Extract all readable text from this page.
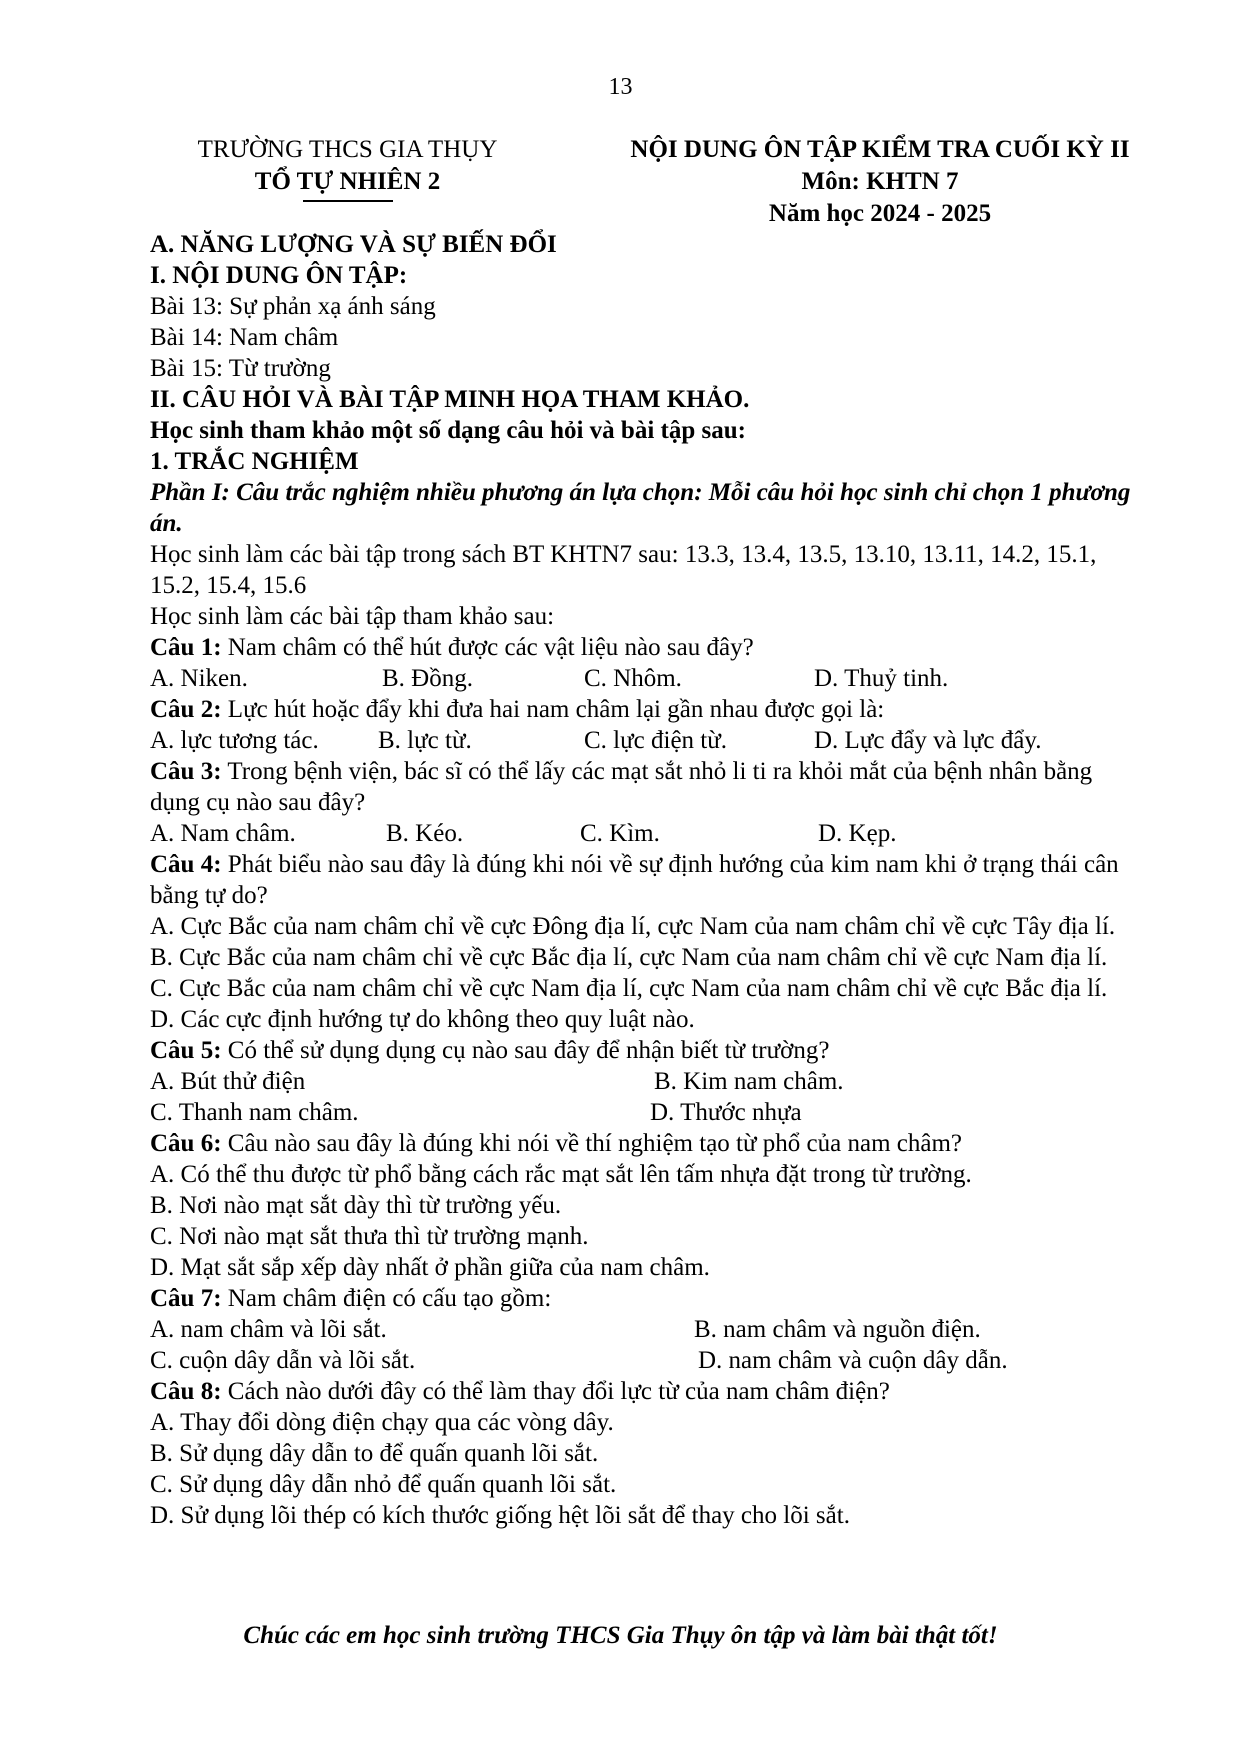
13
TRƯỜNG THCS GIA THỤY
TỔ TỰ NHIÊN 2
NỘI DUNG ÔN TẬP KIỂM TRA CUỐI KỲ II
Môn: KHTN 7
Năm học 2024 - 2025
A. NĂNG LƯỢNG VÀ SỰ BIẾN ĐỔI
I. NỘI DUNG ÔN TẬP:
Bài 13: Sự phản xạ ánh sáng
Bài 14: Nam châm
Bài 15: Từ trường
II. CÂU HỎI VÀ BÀI TẬP MINH HỌA THAM KHẢO.
Học sinh tham khảo một số dạng câu hỏi và bài tập sau:
1. TRẮC NGHIỆM
Phần I: Câu trắc nghiệm nhiều phương án lựa chọn: Mỗi câu hỏi học sinh chỉ chọn 1 phương án.
Học sinh làm các bài tập trong sách BT KHTN7 sau: 13.3, 13.4, 13.5, 13.10, 13.11, 14.2, 15.1, 15.2, 15.4, 15.6
Học sinh làm các bài tập tham khảo sau:
Câu 1: Nam châm có thể hút được các vật liệu nào sau đây?
A. Niken.	B. Đồng.	C. Nhôm.	D. Thuỷ tinh.
Câu 2: Lực hút hoặc đẩy khi đưa hai nam châm lại gần nhau được gọi là:
A. lực tương tác. B. lực từ.	C. lực điện từ.	D. Lực đẩy và lực đẩy.
Câu 3: Trong bệnh viện, bác sĩ có thể lấy các mạt sắt nhỏ li ti ra khỏi mắt của bệnh nhân bằng dụng cụ nào sau đây?
A. Nam châm.	B. Kéo.	C. Kìm.	D. Kẹp.
Câu 4: Phát biểu nào sau đây là đúng khi nói về sự định hướng của kim nam khi ở trạng thái cân bằng tự do?
A. Cực Bắc của nam châm chỉ về cực Đông địa lí, cực Nam của nam châm chỉ về cực Tây địa lí.
B. Cực Bắc của nam châm chỉ về cực Bắc địa lí, cực Nam của nam châm chỉ về cực Nam địa lí.
C. Cực Bắc của nam châm chỉ về cực Nam địa lí, cực Nam của nam châm chỉ về cực Bắc địa lí.
D. Các cực định hướng tự do không theo quy luật nào.
Câu 5: Có thể sử dụng dụng cụ nào sau đây để nhận biết từ trường?
A. Bút thử điện	B. Kim nam châm.
C. Thanh nam châm.	D. Thước nhựa
Câu 6: Câu nào sau đây là đúng khi nói về thí nghiệm tạo từ phổ của nam châm?
A. Có thể thu được từ phổ bằng cách rắc mạt sắt lên tấm nhựa đặt trong từ trường.
B. Nơi nào mạt sắt dày thì từ trường yếu.
C. Nơi nào mạt sắt thưa thì từ trường mạnh.
D. Mạt sắt sắp xếp dày nhất ở phần giữa của nam châm.
Câu 7: Nam châm điện có cấu tạo gồm:
A. nam châm và lõi sắt.	B. nam châm và nguồn điện.
C. cuộn dây dẫn và lõi sắt.	D. nam châm và cuộn dây dẫn.
Câu 8: Cách nào dưới đây có thể làm thay đổi lực từ của nam châm điện?
A. Thay đổi dòng điện chạy qua các vòng dây.
B. Sử dụng dây dẫn to để quấn quanh lõi sắt.
C. Sử dụng dây dẫn nhỏ để quấn quanh lõi sắt.
D. Sử dụng lõi thép có kích thước giống hệt lõi sắt để thay cho lõi sắt.
Chúc các em học sinh trường THCS Gia Thụy ôn tập và làm bài thật tốt!
